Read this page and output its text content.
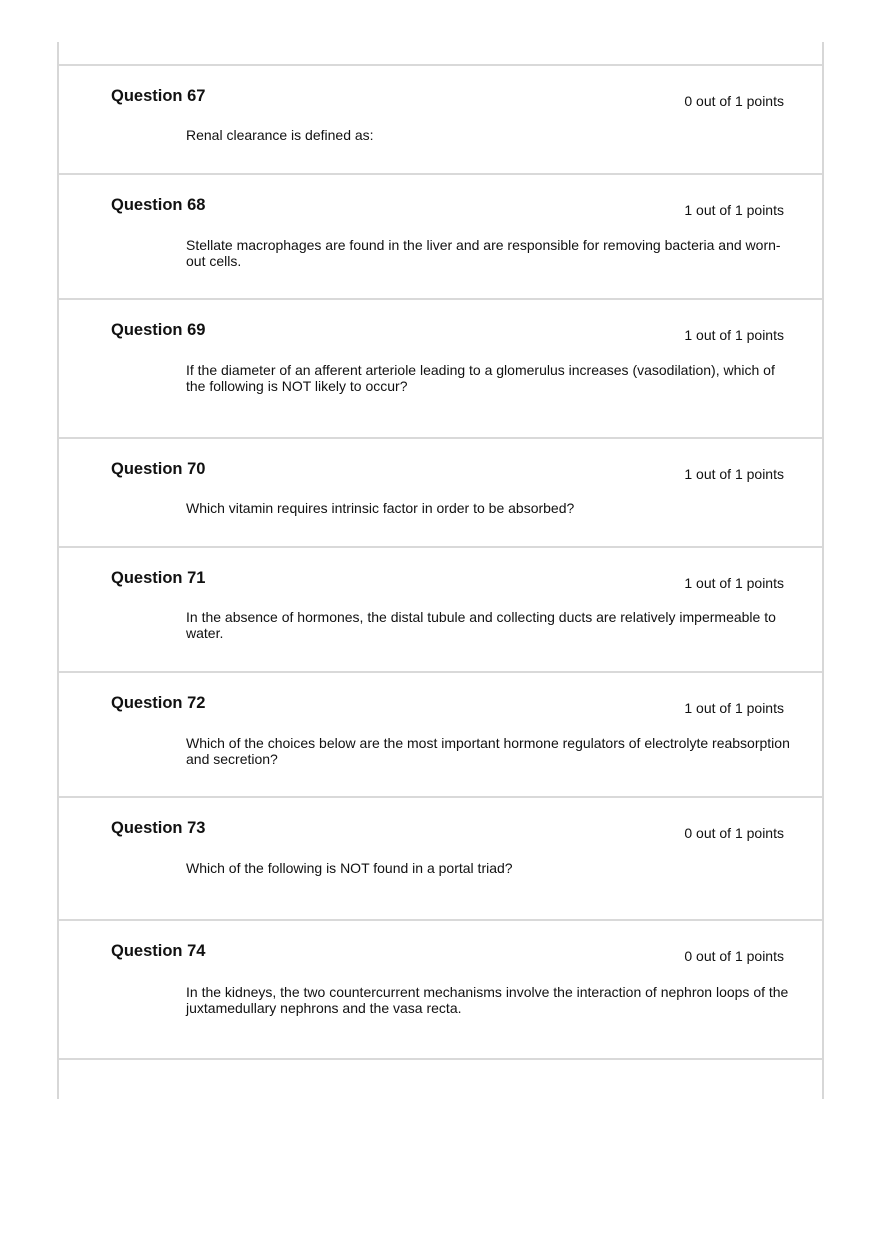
Question 67	0 out of 1 points
Renal clearance is defined as:
Question 68	1 out of 1 points
Stellate macrophages are found in the liver and are responsible for removing bacteria and worn-out cells.
Question 69	1 out of 1 points
If the diameter of an afferent arteriole leading to a glomerulus increases (vasodilation), which of the following is NOT likely to occur?
Question 70	1 out of 1 points
Which vitamin requires intrinsic factor in order to be absorbed?
Question 71	1 out of 1 points
In the absence of hormones, the distal tubule and collecting ducts are relatively impermeable to water.
Question 72	1 out of 1 points
Which of the choices below are the most important hormone regulators of electrolyte reabsorption and secretion?
Question 73	0 out of 1 points
Which of the following is NOT found in a portal triad?
Question 74	0 out of 1 points
In the kidneys, the two countercurrent mechanisms involve the interaction of nephron loops of the juxtamedullary nephrons and the vasa recta.
